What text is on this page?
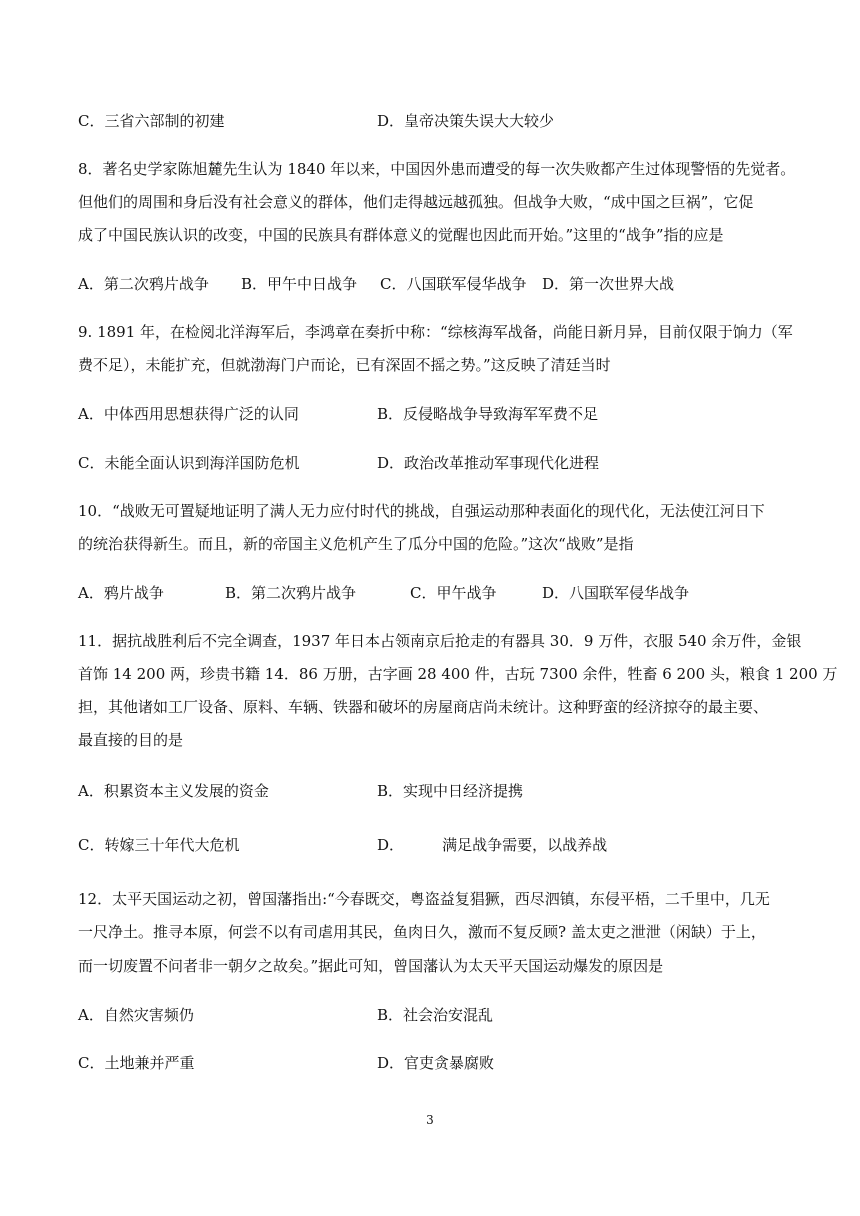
C．三省六部制的初建	D．皇帝决策失误大大较少
8．著名史学家陈旭麓先生认为 1840 年以来，中国因外患而遭受的每一次失败都产生过体现警悟的先觉者。
但他们的周围和身后没有社会意义的群体，他们走得越远越孤独。但战争大败，“成中国之巨祸”，它促
成了中国民族认识的改变，中国的民族具有群体意义的觉醒也因此而开始。”这里的“战争”指的应是
A．第二次鸦片战争 B．甲午中日战争 C．八国联军侵华战争 D．第一次世界大战
9. 1891 年，在检阅北洋海军后，李鸿章在奏折中称：“综核海军战备，尚能日新月异，目前仅限于饷力（军
费不足），未能扩充，但就渤海门户而论，已有深固不摇之势。”这反映了清廷当时
A．中体西用思想获得广泛的认同	B．反侵略战争导致海军军费不足
C．未能全面认识到海洋国防危机	D．政治改革推动军事现代化进程
10．“战败无可置疑地证明了满人无力应付时代的挑战，自强运动那种表面化的现代化，无法使江河日下
的统治获得新生。而且，新的帝国主义危机产生了瓜分中国的危险。”这次“战败”是指
A．鸦片战争	B．第二次鸦片战争	C．甲午战争	D．八国联军侵华战争
11．据抗战胜利后不完全调查，1937 年日本占领南京后抢走的有器具 30．9 万件，衣服 540 余万件，金银
首饰 14 200 两，珍贵书籍 14．86 万册，古字画 28 400 件，古玩 7300 余件，牲畜 6 200 头，粮食 1 200 万
担，其他诸如工厂设备、原料、车辆、铁器和破坏的房屋商店尚未统计。这种野蛮的经济掠夺的最主要、
最直接的目的是
A．积累资本主义发展的资金	B．实现中日经济提携
C．转嫁三十年代大危机	D．        满足战争需要，以战养战
12．太平天国运动之初，曾国藩指出:“今春既交，粤盗益复猖獗，西尽泗镇，东侵平梧，二千里中，几无
一尺净土。推寻本原，何尝不以有司虐用其民，鱼肉日久，激而不复反顾? 盖太吏之泄泄（闲缺）于上，
而一切废置不问者非一朝夕之故矣。”据此可知，曾国藩认为太天平天国运动爆发的原因是
A．自然灾害频仍	B．社会治安混乱
C．土地兼并严重	D．官吏贪暴腐败
3
